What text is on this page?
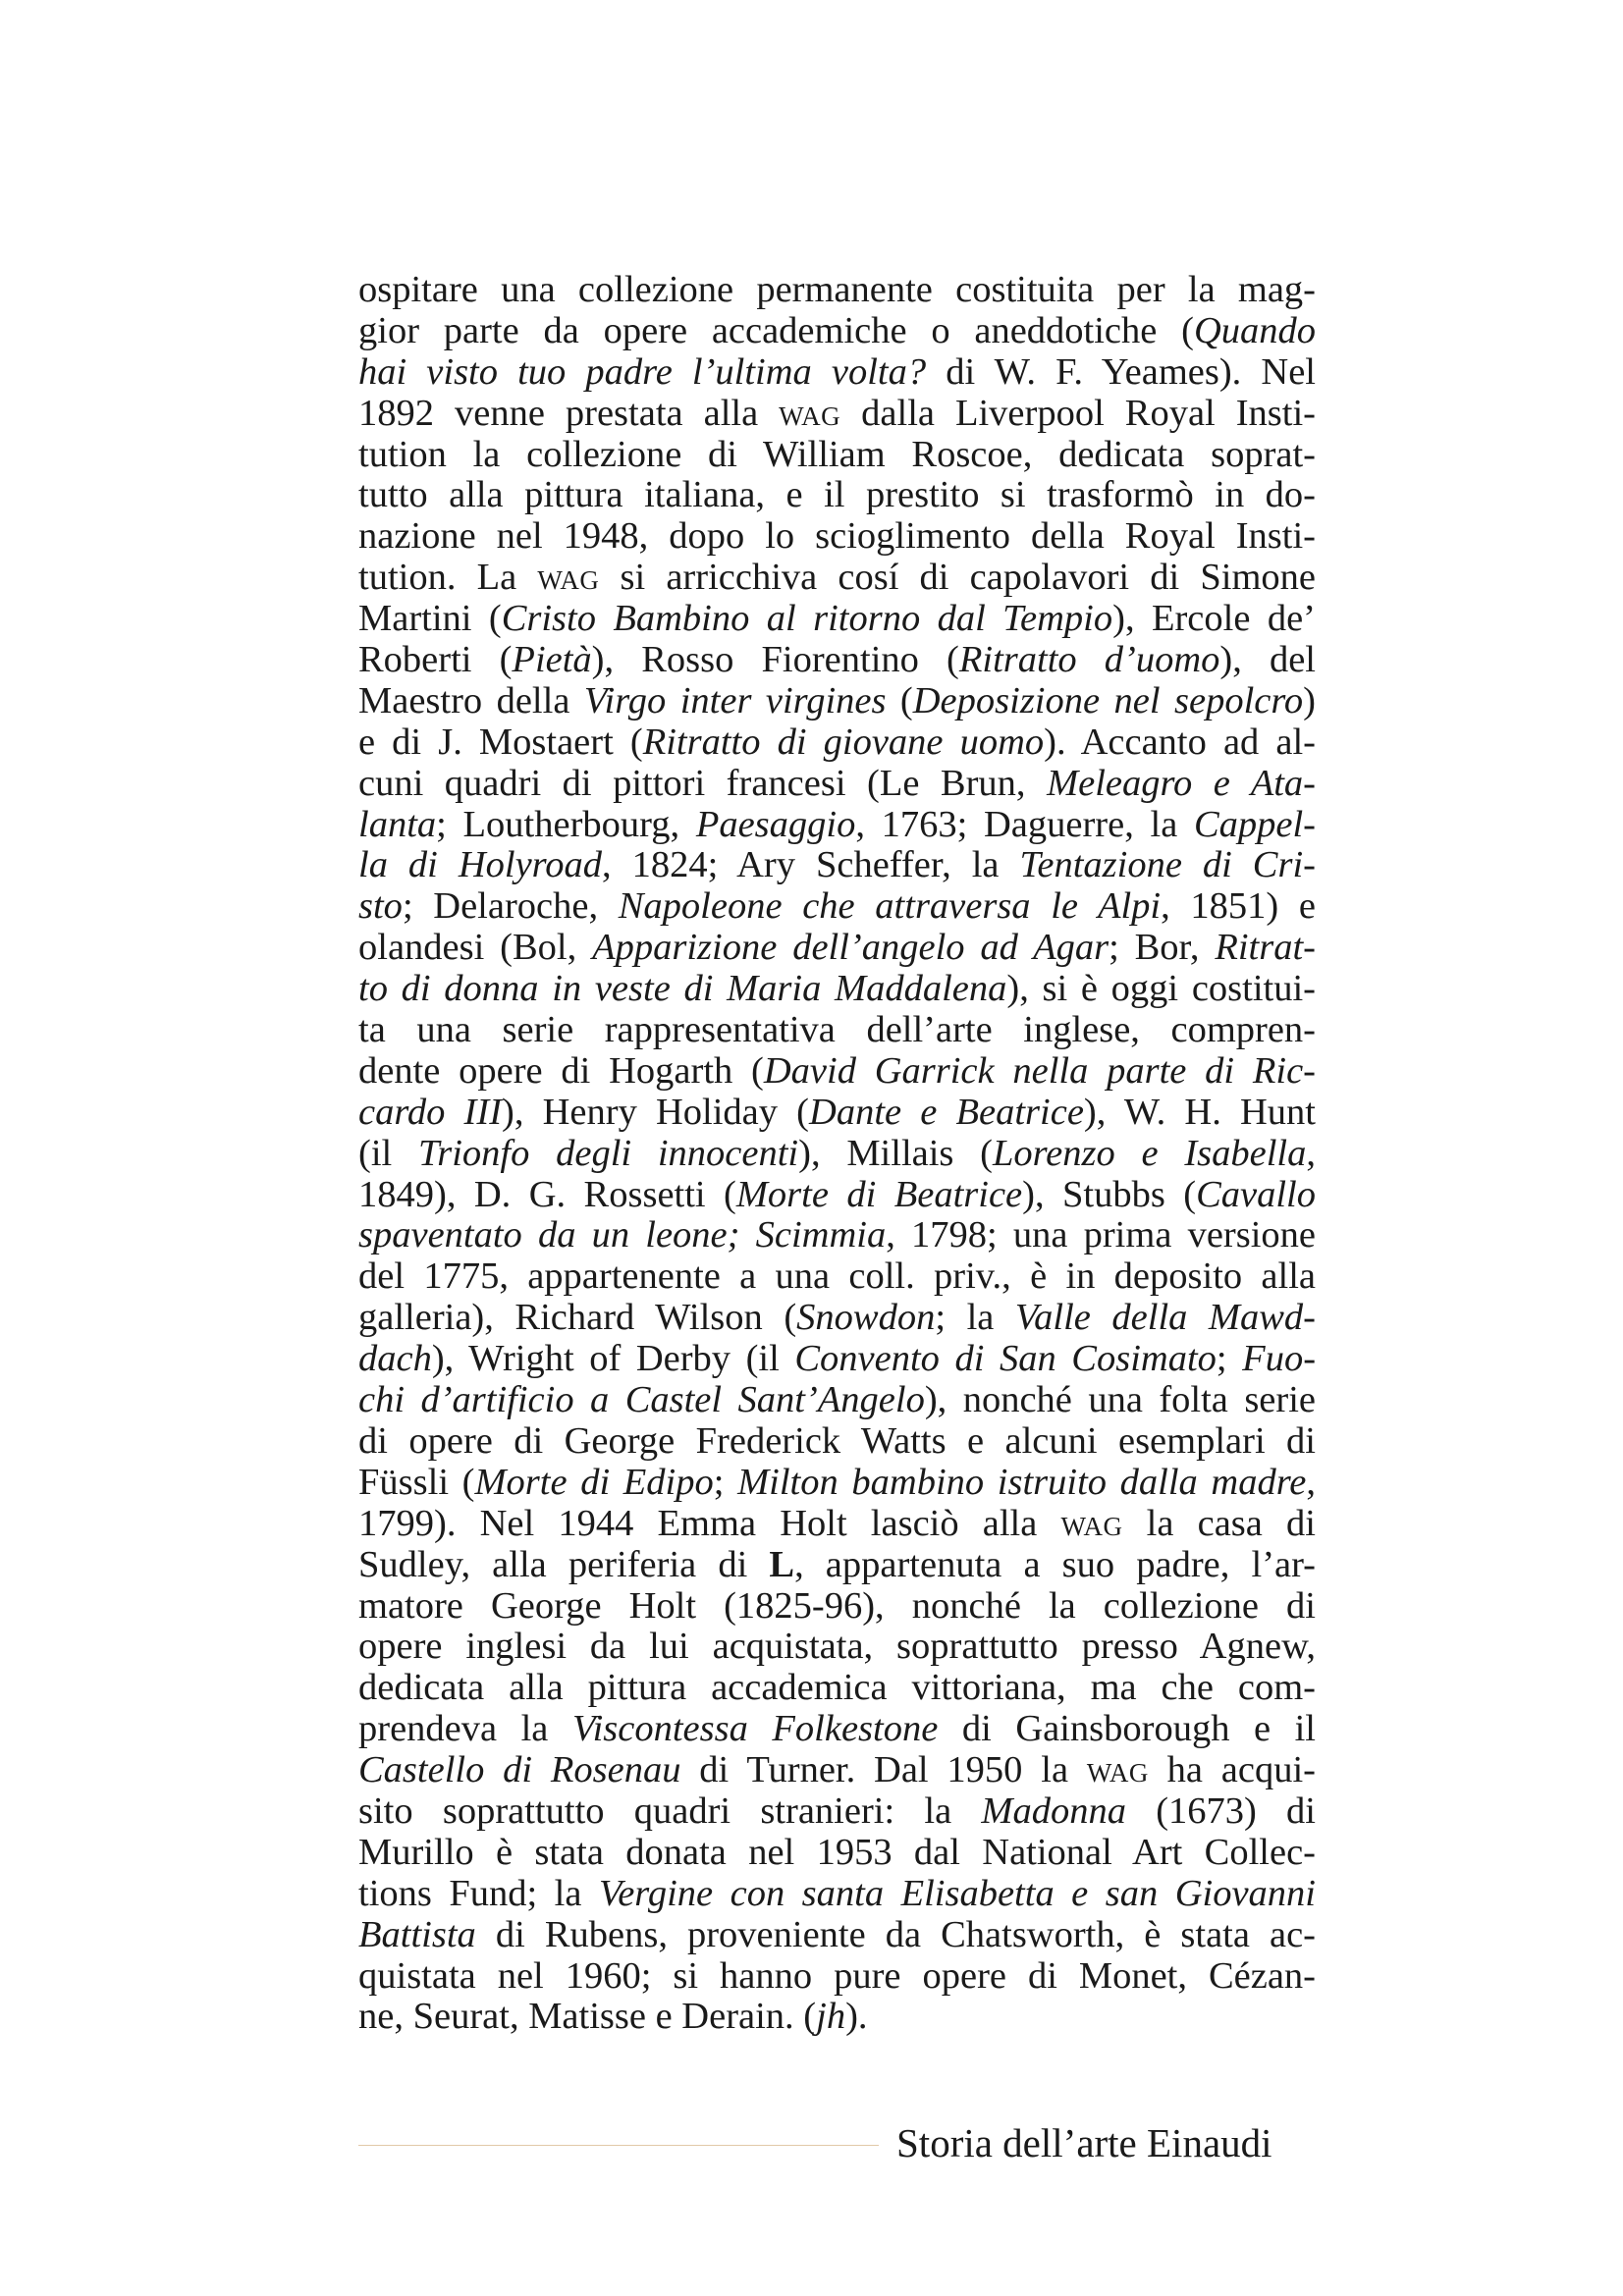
ospitare una collezione permanente costituita per la mag-
gior parte da opere accademiche o aneddotiche (Quando
hai visto tuo padre l’ultima volta? di W. F. Yeames). Nel
1892 venne prestata alla wag dalla Liverpool Royal Insti-
tution la collezione di William Roscoe, dedicata soprat-
tutto alla pittura italiana, e il prestito si trasformò in do-
nazione nel 1948, dopo lo scioglimento della Royal Insti-
tution. La wag si arricchiva cosí di capolavori di Simone
Martini (Cristo Bambino al ritorno dal Tempio), Ercole de’
Roberti (Pietà), Rosso Fiorentino (Ritratto d’uomo), del
Maestro della Virgo inter virgines (Deposizione nel sepolcro)
e di J. Mostaert (Ritratto di giovane uomo). Accanto ad al-
cuni quadri di pittori francesi (Le Brun, Meleagro e Ata-
lanta; Loutherbourg, Paesaggio, 1763; Daguerre, la Cappel-
la di Holyroad, 1824; Ary Scheffer, la Tentazione di Cri-
sto; Delaroche, Napoleone che attraversa le Alpi, 1851) e
olandesi (Bol, Apparizione dell’angelo ad Agar; Bor, Ritrat-
to di donna in veste di Maria Maddalena), si è oggi costitui-
ta una serie rappresentativa dell’arte inglese, compren-
dente opere di Hogarth (David Garrick nella parte di Ric-
cardo III), Henry Holiday (Dante e Beatrice), W. H. Hunt
(il Trionfo degli innocenti), Millais (Lorenzo e Isabella,
1849), D. G. Rossetti (Morte di Beatrice), Stubbs (Cavallo
spaventato da un leone; Scimmia, 1798; una prima versione
del 1775, appartenente a una coll. priv., è in deposito alla
galleria), Richard Wilson (Snowdon; la Valle della Mawd-
dach), Wright of Derby (il Convento di San Cosimato; Fuo-
chi d’artificio a Castel Sant’Angelo), nonché una folta serie
di opere di George Frederick Watts e alcuni esemplari di
Füssli (Morte di Edipo; Milton bambino istruito dalla madre,
1799). Nel 1944 Emma Holt lasciò alla wag la casa di
Sudley, alla periferia di L, appartenuta a suo padre, l’ar-
matore George Holt (1825-96), nonché la collezione di
opere inglesi da lui acquistata, soprattutto presso Agnew,
dedicata alla pittura accademica vittoriana, ma che com-
prendeva la Viscontessa Folkestone di Gainsborough e il
Castello di Rosenau di Turner. Dal 1950 la wag ha acqui-
sito soprattutto quadri stranieri: la Madonna (1673) di
Murillo è stata donata nel 1953 dal National Art Collec-
tions Fund; la Vergine con santa Elisabetta e san Giovanni
Battista di Rubens, proveniente da Chatsworth, è stata ac-
quistata nel 1960; si hanno pure opere di Monet, Cézan-
ne, Seurat, Matisse e Derain. (jh).
Storia dell’arte Einaudi
